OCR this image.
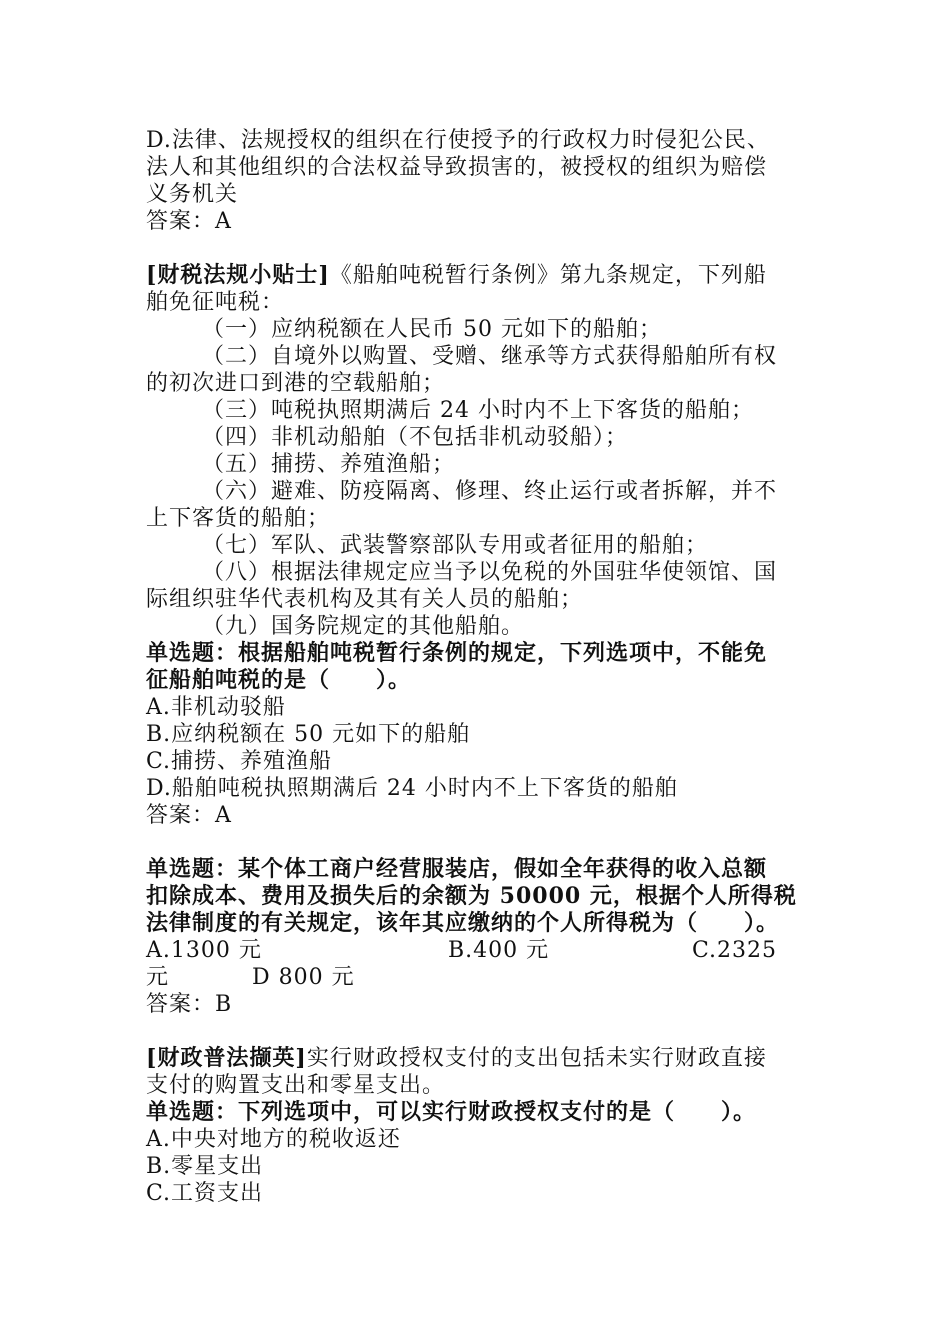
D.法律、法规授权的组织在行使授予的行政权力时侵犯公民、
法人和其他组织的合法权益导致损害的，被授权的组织为赔偿
义务机关
答案：A
[财税法规小贴士]《船舶吨税暂行条例》第九条规定，下列船
舶免征吨税：
（一）应纳税额在人民币 50 元如下的船舶；
（二）自境外以购置、受赠、继承等方式获得船舶所有权
的初次进口到港的空载船舶；
（三）吨税执照期满后 24 小时内不上下客货的船舶；
（四）非机动船舶（不包括非机动驳船）；
（五）捕捞、养殖渔船；
（六）避难、防疫隔离、修理、终止运行或者拆解，并不
上下客货的船舶；
（七）军队、武装警察部队专用或者征用的船舶；
（八）根据法律规定应当予以免税的外国驻华使领馆、国
际组织驻华代表机构及其有关人员的船舶；
（九）国务院规定的其他船舶。
单选题：根据船舶吨税暂行条例的规定，下列选项中，不能免
征船舶吨税的是（　　）。
A.非机动驳船
B.应纳税额在 50 元如下的船舶
C.捕捞、养殖渔船
D.船舶吨税执照期满后 24 小时内不上下客货的船舶
答案：A
单选题：某个体工商户经营服装店，假如全年获得的收入总额
扣除成本、费用及损失后的余额为 50000 元，根据个人所得税
法律制度的有关规定，该年其应缴纳的个人所得税为（　　）。
A.1300 元	B.400 元	C.2325
元	D 800 元
答案：B
[财政普法撷英]实行财政授权支付的支出包括未实行财政直接
支付的购置支出和零星支出。
单选题：下列选项中，可以实行财政授权支付的是（　　）。
A.中央对地方的税收返还
B.零星支出
C.工资支出
